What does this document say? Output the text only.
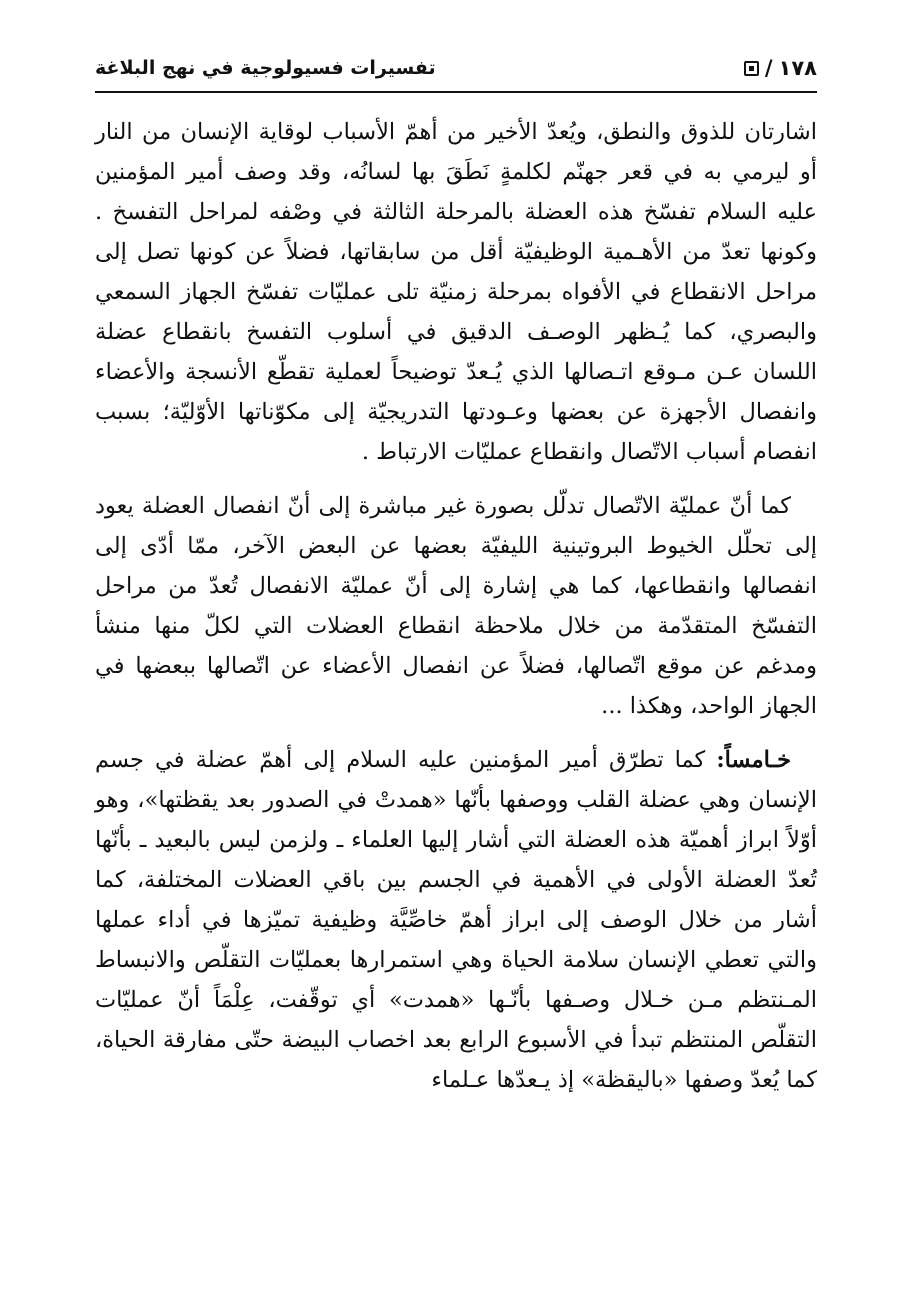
١٧٨
/
تفسيرات فسيولوجية في نهج البلاغة

اشارتان للذوق والنطق، ويُعدّ الأخير من أهمّ الأسباب لوقاية الإنسان من النار أو ليرمي به في قعر جهنّم لكلمةٍ نَطَقَ بها لسانُه، وقد وصف أمير المؤمنين عليه السلام تفسّخ هذه العضلة بالمرحلة الثالثة في وصْفه لمراحل التفسخ . وكونها تعدّ من الأهـمية الوظيفيّة أقل من سابقاتها، فضلاً عن كونها تصل إلى مراحل الانقطاع في الأفواه بمرحلة زمنيّة تلى عمليّات تفسّخ الجهاز السمعي والبصري، كما يُـظهر الوصـف الدقيق في أسلوب التفسخ بانقطاع عضلة اللسان عـن مـوقع اتـصالها الذي يُـعدّ توضيحاً لعملية تقطّع الأنسجة والأعضاء وانفصال الأجهزة عن بعضها وعـودتها التدريجيّة إلى مكوّناتها الأوّليّة؛ بسبب انفصام أسباب الاتّصال وانقطاع عمليّات الارتباط .

كما أنّ عمليّة الاتّصال تدلّل بصورة غير مباشرة إلى أنّ انفصال العضلة يعود إلى تحلّل الخيوط البروتينية الليفيّة بعضها عن البعض الآخر، ممّا أدّى إلى انفصالها وانقطاعها، كما هي إشارة إلى أنّ عمليّة الانفصال تُعدّ من مراحل التفسّخ المتقدّمة من خلال ملاحظة انقطاع العضلات التي لكلّ منها منشأ ومدغم عن موقع اتّصالها، فضلاً عن انفصال الأعضاء عن اتّصالها ببعضها في الجهاز الواحد، وهكذا ...

خـامساً: كما تطرّق أمير المؤمنين عليه السلام إلى أهمّ عضلة في جسم الإنسان وهي عضلة القلب ووصفها بأنّها «همدتْ في الصدور بعد يقظتها»، وهو أوّلاً ابراز أهميّة هذه العضلة التي أشار إليها العلماء ـ ولزمن ليس بالبعيد ـ بأنّها تُعدّ العضلة الأولى في الأهمية في الجسم بين باقي العضلات المختلفة، كما أشار من خلال الوصف إلى ابراز أهمّ خاصِّيَّة وظيفية تميّزها في أداء عملها والتي تعطي الإنسان سلامة الحياة وهي استمرارها بعمليّات التقلّص والانبساط المـنتظم مـن خـلال وصـفها بأنّـها «همدت» أي توقّفت، عِلْمَاً أنّ عمليّات التقلّص المنتظم تبدأ في الأسبوع الرابع بعد اخصاب البيضة حتّى مفارقة الحياة، كما يُعدّ وصفها «باليقظة» إذ يـعدّها عـلماء
